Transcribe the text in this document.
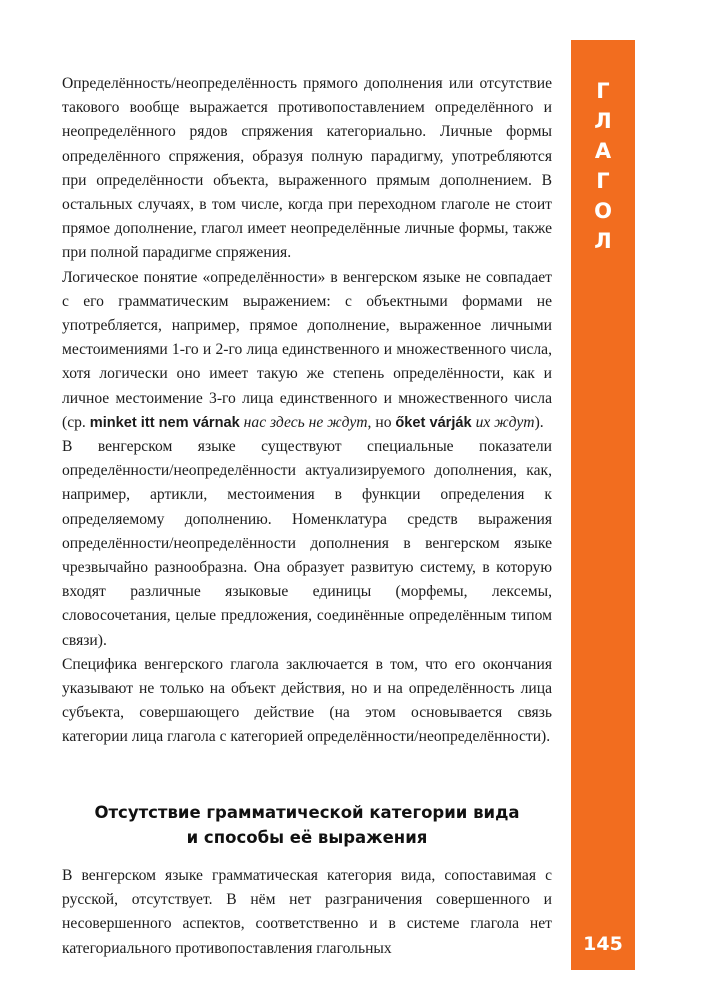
Г
Л
А
Г
О
Л
145

Определённость/неопределённость прямого дополнения или отсутствие такового вообще выражается противопоставлением определённого и неопределённого рядов спряжения категориально. Личные формы определённого спряжения, образуя полную парадигму, употребляются при определённости объекта, выраженного прямым дополнением. В остальных случаях, в том числе, когда при переходном глаголе не стоит прямое дополнение, глагол имеет неопределённые личные формы, также при полной парадигме спряжения.

Логическое понятие «определённости» в венгерском языке не совпадает с его грамматическим выражением: с объектными формами не употребляется, например, прямое дополнение, выраженное личными местоимениями 1-го и 2-го лица единственного и множественного числа, хотя логически оно имеет такую же степень определённости, как и личное местоимение 3-го лица единственного и множественного числа (ср. minket itt nem várnak нас здесь не ждут, но őket várják их ждут).

В венгерском языке существуют специальные показатели определённости/неопределённости актуализируемого дополнения, как, например, артикли, местоимения в функции определения к определяемому дополнению. Номенклатура средств выражения определённости/неопределённости дополнения в венгерском языке чрезвычайно разнообразна. Она образует развитую систему, в которую входят различные языковые единицы (морфемы, лексемы, словосочетания, целые предложения, соединённые определённым типом связи).

Специфика венгерского глагола заключается в том, что его окончания указывают не только на объект действия, но и на определённость лица субъекта, совершающего действие (на этом основывается связь категории лица глагола с категорией определённости/неопределённости).

Отсутствие грамматической категории вида
и способы её выражения

В венгерском языке грамматическая категория вида, сопоставимая с русской, отсутствует. В нём нет разграничения совершенного и несовершенного аспектов, соответственно и в системе глагола нет категориального противопоставления глагольных
